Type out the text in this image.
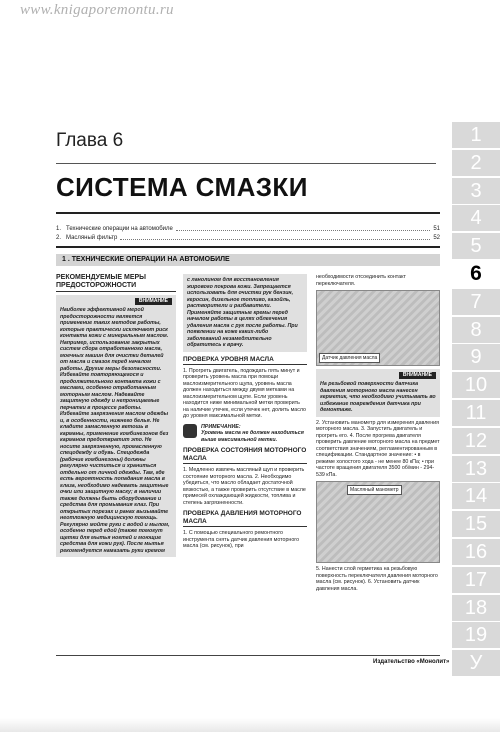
www.knigaporemontu.ru
Глава 6
СИСТЕМА СМАЗКИ
1. Технические операции на автомобиле	51
2. Масляный фильтр	52
1 . ТЕХНИЧЕСКИЕ ОПЕРАЦИИ НА АВТОМОБИЛЕ
РЕКОМЕНДУЕМЫЕ МЕРЫ ПРЕДОСТОРОЖНОСТИ
ВНИМАНИЕ
Наиболее эффективной мерой предосторожности является применение таких методов работы, которые практически исключают риск контакта кожи с минеральным маслом. Например, использование закрытых систем сбора отработанного масла, моечных машин для очистки деталей от масла и смазок перед началом работы. Другие меры безопасности. Избегайте повторяющегося и продолжительного контакта кожи с маслами, особенно отработанным моторным маслом. Надевайте защитную одежду и непроницаемые перчатки в процессе работы. Избегайте загрязнения маслом одежды и, в особенности, нижнего белья. Не кладите замасленную ветошь в карманы, применение комбинезонов без карманов предотвратит это. Не носите загрязненную, промасленную спецодежду и обувь. Спецодежда (рабочие комбинезоны) должны регулярно чиститься и храниться отдельно от личной одежды. Там, где есть вероятность попадания масла в глаза, необходимо надевать защитные очки или защитную маску; в наличии также должны быть оборудование и средства для промывания глаз. При открытых порезах и ранах вызывайте неотложную медицинскую помощь. Регулярно мойте руки с водой и мылом, особенно перед едой (также помогут щетки для мытья ногтей и моющие средства для кожи рук). После мытья рекомендуется намазать руки кремом
с ланолином для восстановления жирового покрова кожи. Запрещается использовать для очистки рук бензин, керосин, дизельное топливо, газойль, растворители и разбавители. Применяйте защитные кремы перед началом работы в целях облегчения удаления масла с рук после работы. При появлении на коже каких-либо заболеваний незамедлительно обратитесь к врачу.
ПРОВЕРКА УРОВНЯ МАСЛА
1. Прогреть двигатель, подождать пять минут и проверить уровень масла при помощи маслоизмерительного щупа, уровень масла должен находиться между двумя метками на маслоизмерительном щупе. Если уровень находится ниже минимальной метки проверить на наличие утечек, если утечек нет, долить масло до уровня максимальной метки.
ПРИМЕЧАНИЕ:
Уровень масла не должен находиться выше максимальной метки.
ПРОВЕРКА СОСТОЯНИЯ МОТОРНОГО МАСЛА
1. Медленно извлечь масляный щуп и проверить состояние моторного масла. 2. Необходимо убедиться, что масло обладает достаточной вязкостью, а также проверить отсутствие в масле примесей охлаждающей жидкости, топлива и степень загрязненности.
ПРОВЕРКА ДАВЛЕНИЯ МОТОРНОГО МАСЛА
1. С помощью специального ремонтного инструмента снять датчик давления моторного масла (см. рисунок), при
необходимости отсоединить контакт переключателя.
Датчик давления масла
ВНИМАНИЕ
На резьбовой поверхности датчика давления моторного масла нанесен герметик, что необходимо учитывать во избежание повреждения датчика при демонтаже.
2. Установить манометр для измерения давления моторного масла. 3. Запустить двигатель и прогреть его. 4. После прогрева двигателя проверить давление моторного масла на предмет соответствия значениям, регламентированным в спецификации. Стандартное значение: • в режиме холостого хода - не менее 80 кПа; • при частоте вращения двигателя 3500 об/мин - 294-539 кПа.
Масляный манометр
5. Нанести слой герметика на резьбовую поверхность переключателя давления моторного масла (см. рисунок). 6. Установить датчик давления масла.
1
2
3
4
5
6
7
8
9
10
11
12
13
14
15
16
17
18
19
У
Издательство «Монолит»
